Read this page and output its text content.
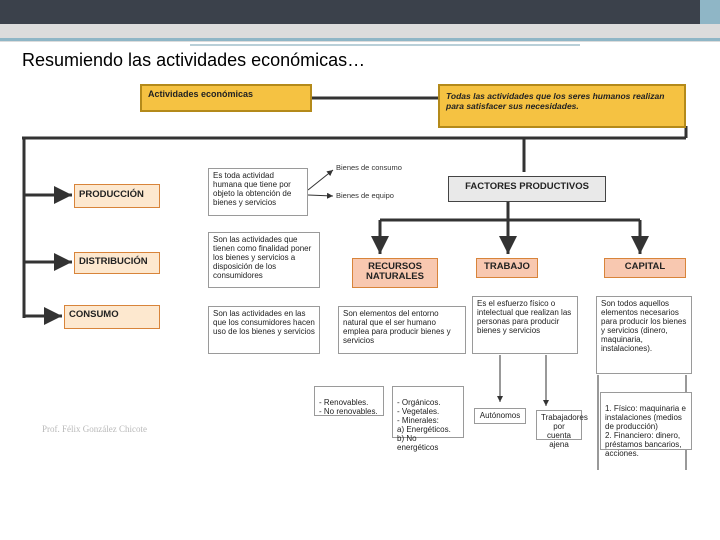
Resumiendo las actividades económicas…
Actividades económicas	Todas las actividades que los seres humanos realizan para satisfacer sus necesidades.
PRODUCCIÓN
Es toda actividad humana que tiene por objeto la obtención de bienes y servicios
Bienes de consumo
Bienes de equipo
DISTRIBUCIÓN
Son las actividades que tienen como finalidad poner los bienes y servicios a disposición de los consumidores
CONSUMO	Son las actividades en las que los consumidores hacen uso de los bienes y servicios
FACTORES PRODUCTIVOS
RECURSOS NATURALES
TRABAJO	CAPITAL
Son elementos del entorno natural que el ser humano emplea para producir bienes y servicios
Es el esfuerzo físico o intelectual que realizan las personas para producir bienes y servicios
Son todos aquellos elementos necesarios para producir los bienes y servicios (dinero, maquinaria, instalaciones).

- Renovables.
- No renovables.

- Orgánicos.
- Vegetales.
- Minerales:
a) Energéticos.
b) No energéticos

Autónomos	Trabajadores por cuenta ajena

1. Físico: maquinaria e instalaciones (medios de producción)
2. Financiero: dinero, préstamos bancarios, acciones.

Prof. Félix González Chicote
